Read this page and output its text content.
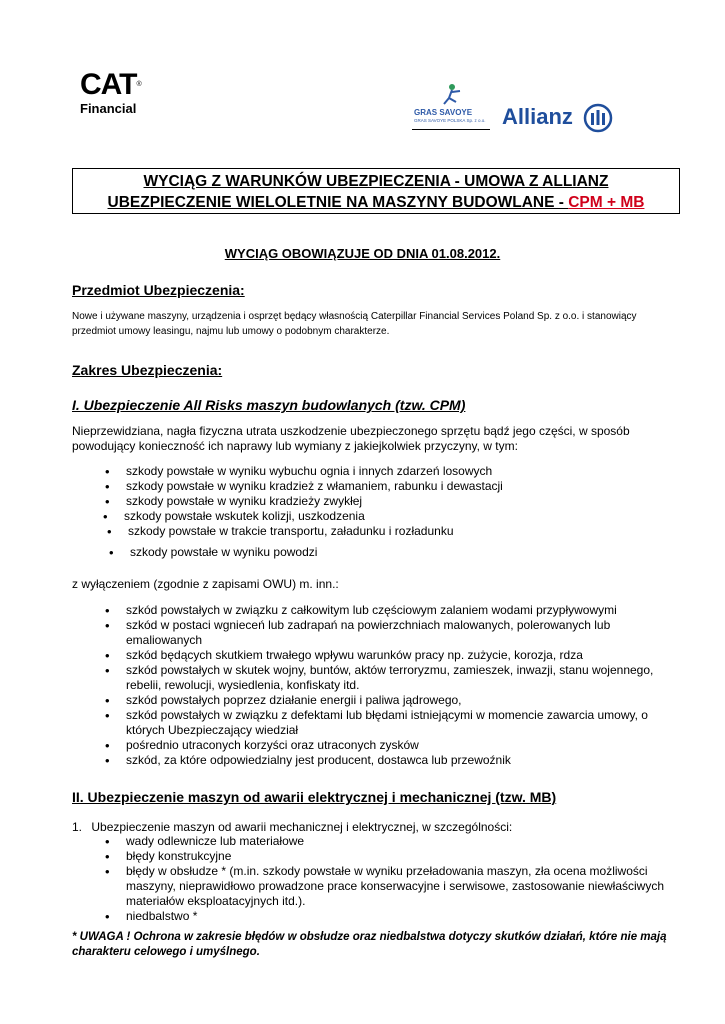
CAT®
Financial	GRAS SAVOYE
GRAS SAVOYE POLSKA Sp. z o.o. Allianz
WYCIĄG Z WARUNKÓW UBEZPIECZENIA - UMOWA Z ALLIANZ
UBEZPIECZENIE WIELOLETNIE NA MASZYNY BUDOWLANE - CPM + MB
WYCIĄG OBOWIĄZUJE OD DNIA 01.08.2012.
Przedmiot Ubezpieczenia:
Nowe i używane maszyny, urządzenia i osprzęt będący własnością Caterpillar Financial Services Poland Sp. z o.o. i stanowiący przedmiot umowy leasingu, najmu lub umowy o podobnym charakterze.
Zakres Ubezpieczenia:
I. Ubezpieczenie All Risks maszyn budowlanych (tzw. CPM)
Nieprzewidziana, nagła fizyczna utrata uszkodzenie ubezpieczonego sprzętu bądź jego części, w sposób powodujący konieczność ich naprawy lub wymiany z jakiejkolwiek przyczyny, w tym:
• szkody powstałe w wyniku wybuchu ognia i innych zdarzeń losowych
• szkody powstałe w wyniku kradzież z włamaniem, rabunku i dewastacji
• szkody powstałe w wyniku kradzieży zwykłej
• szkody powstałe wskutek kolizji, uszkodzenia
• szkody powstałe w trakcie transportu, załadunku i rozładunku
• szkody powstałe w wyniku powodzi
z wyłączeniem (zgodnie z zapisami OWU) m. inn.:
• szkód powstałych w związku z całkowitym lub częściowym zalaniem wodami przypływowymi
• szkód w postaci wgnieceń lub zadrapań na powierzchniach malowanych, polerowanych lub emaliowanych
• szkód będących skutkiem trwałego wpływu warunków pracy np. zużycie, korozja, rdza
• szkód powstałych w skutek wojny, buntów, aktów terroryzmu, zamieszek, inwazji, stanu wojennego, rebelii, rewolucji, wysiedlenia, konfiskaty itd.
• szkód powstałych poprzez działanie energii i paliwa jądrowego,
• szkód powstałych w związku z defektami lub błędami istniejącymi w momencie zawarcia umowy, o których Ubezpieczający wiedział
• pośrednio utraconych korzyści oraz utraconych zysków
• szkód, za które odpowiedzialny jest producent, dostawca lub przewoźnik
II. Ubezpieczenie maszyn od awarii elektrycznej i mechanicznej (tzw. MB)
1. Ubezpieczenie maszyn od awarii mechanicznej i elektrycznej, w szczególności:
• wady odlewnicze lub materiałowe
• błędy konstrukcyjne
• błędy w obsłudze * (m.in. szkody powstałe w wyniku przeładowania maszyn, zła ocena możliwości maszyny, nieprawidłowo prowadzone prace konserwacyjne i serwisowe, zastosowanie niewłaściwych materiałów eksploatacyjnych itd.).
• niedbalstwo *
* UWAGA ! Ochrona w zakresie błędów w obsłudze oraz niedbalstwa dotyczy skutków działań, które nie mają charakteru celowego i umyślnego.
